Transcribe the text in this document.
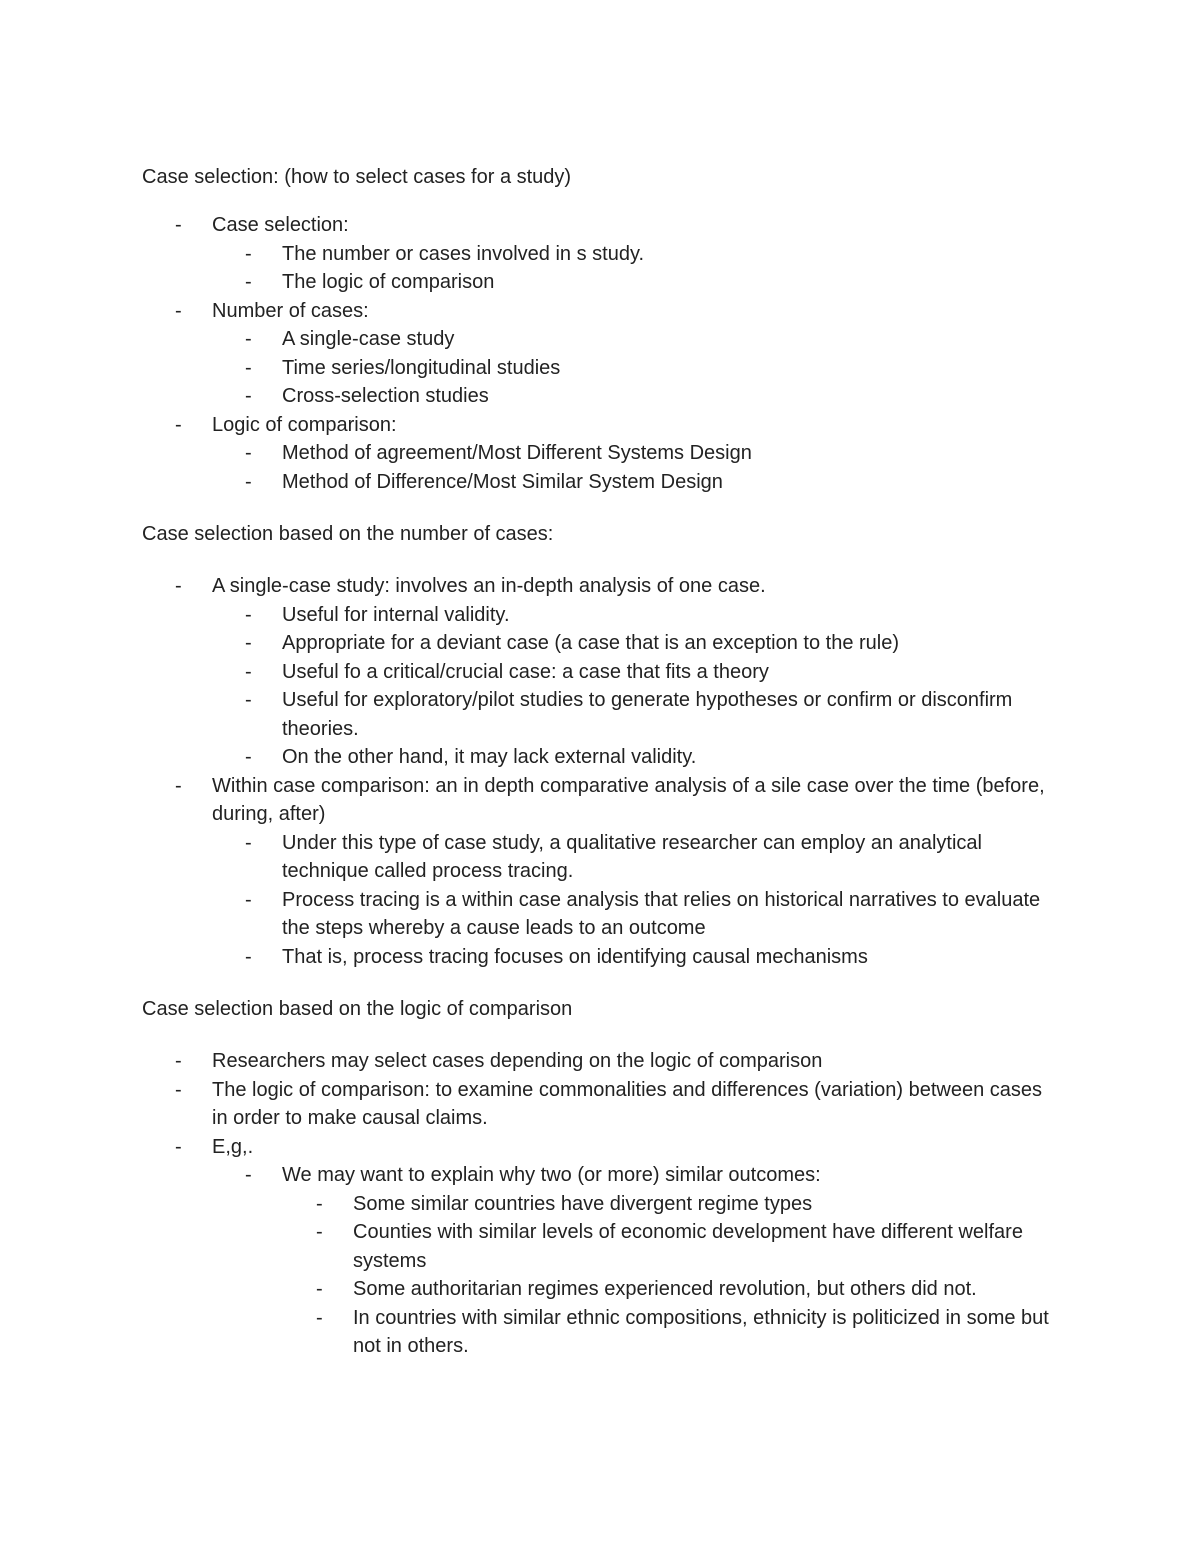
Case selection: (how to select cases for a study)

-	Case selection:
-	The number or cases involved in s study.
-	The logic of comparison
-	Number of cases:
-	A single-case study
-	Time series/longitudinal studies
-	Cross-selection studies
-	Logic of comparison:
-	Method of agreement/Most Different Systems Design
-	Method of Difference/Most Similar System Design

Case selection based on the number of cases:

-	A single-case study: involves an in-depth analysis of one case.
-	Useful for internal validity.
-	Appropriate for a deviant case (a case that is an exception to the rule)
-	Useful fo a critical/crucial case: a case that fits a theory
-	Useful for exploratory/pilot studies to generate hypotheses or confirm or disconfirm theories.
-	On the other hand, it may lack external validity.
-	Within case comparison: an in depth comparative analysis of a sile case over the time (before, during, after)
-	Under this type of case study, a qualitative researcher can employ an analytical technique called process tracing.
-	Process tracing is a within case analysis that relies on historical narratives to evaluate the steps whereby a cause leads to an outcome
-	That is, process tracing focuses on identifying causal mechanisms

Case selection based on the logic of comparison

-	Researchers may select cases depending on the logic of comparison
-	The logic of comparison: to examine commonalities and differences (variation) between cases in order to make causal claims.
-	E,g,.
-	We may want to explain why two (or more) similar outcomes:
-	Some similar countries have divergent regime types
-	Counties with similar levels of economic development have different welfare systems
-	Some authoritarian regimes experienced revolution, but others did not.
-	In countries with similar ethnic compositions, ethnicity is politicized in some but not in others.
